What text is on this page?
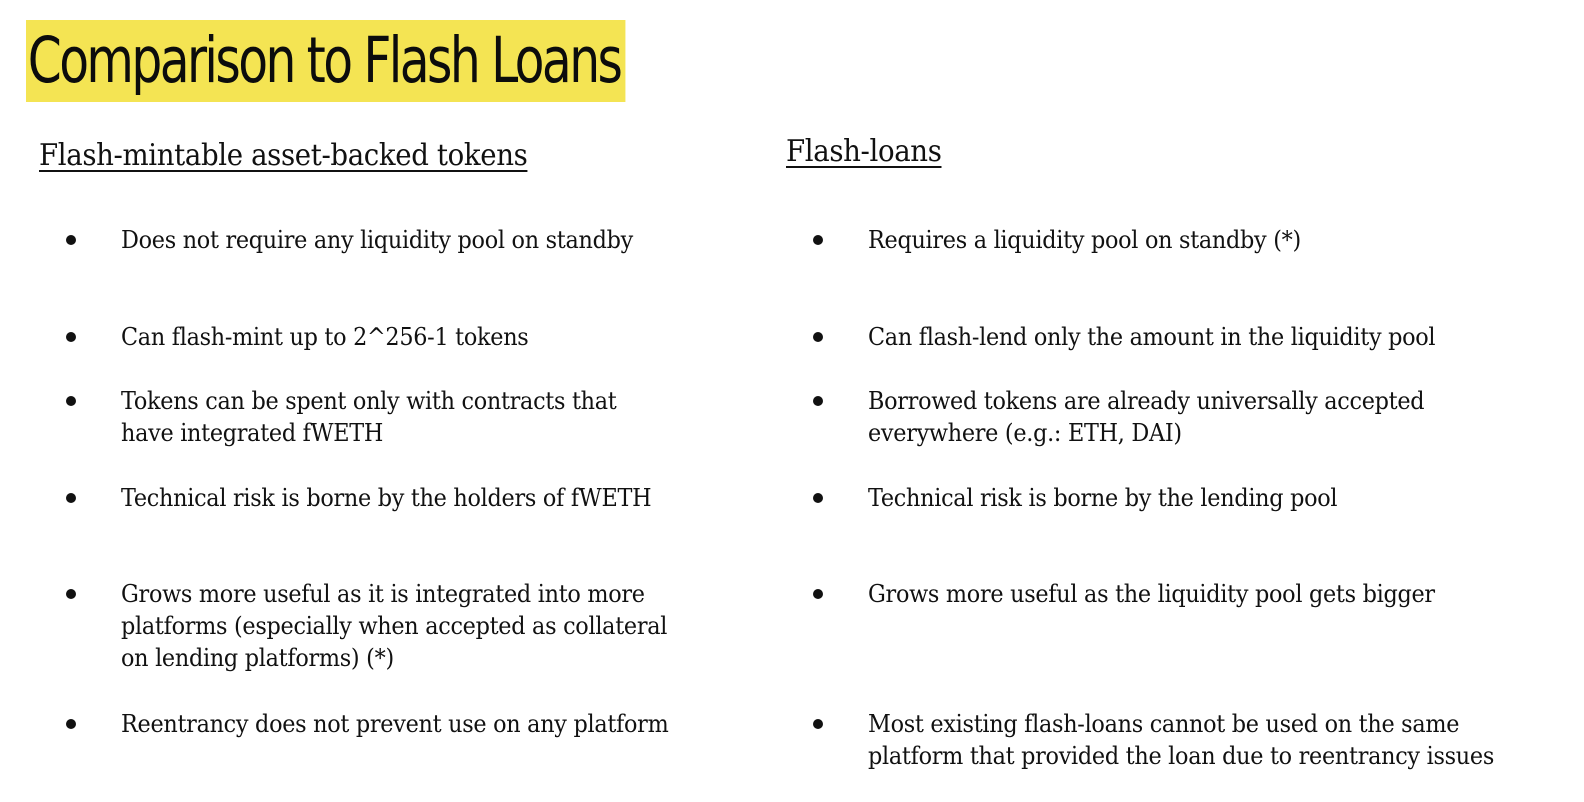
Comparison to Flash Loans
Flash-mintable asset-backed tokens	Flash-loans
Does not require any liquidity pool on standby
Can flash-mint up to 2^256-1 tokens
Tokens can be spent only with contracts that have integrated fWETH
Technical risk is borne by the holders of fWETH
Grows more useful as it is integrated into more platforms (especially when accepted as collateral on lending platforms) (*)
Reentrancy does not prevent use on any platform
Requires a liquidity pool on standby (*)
Can flash-lend only the amount in the liquidity pool
Borrowed tokens are already universally accepted everywhere (e.g.: ETH, DAI)
Technical risk is borne by the lending pool
Grows more useful as the liquidity pool gets bigger
Most existing flash-loans cannot be used on the same platform that provided the loan due to reentrancy issues
